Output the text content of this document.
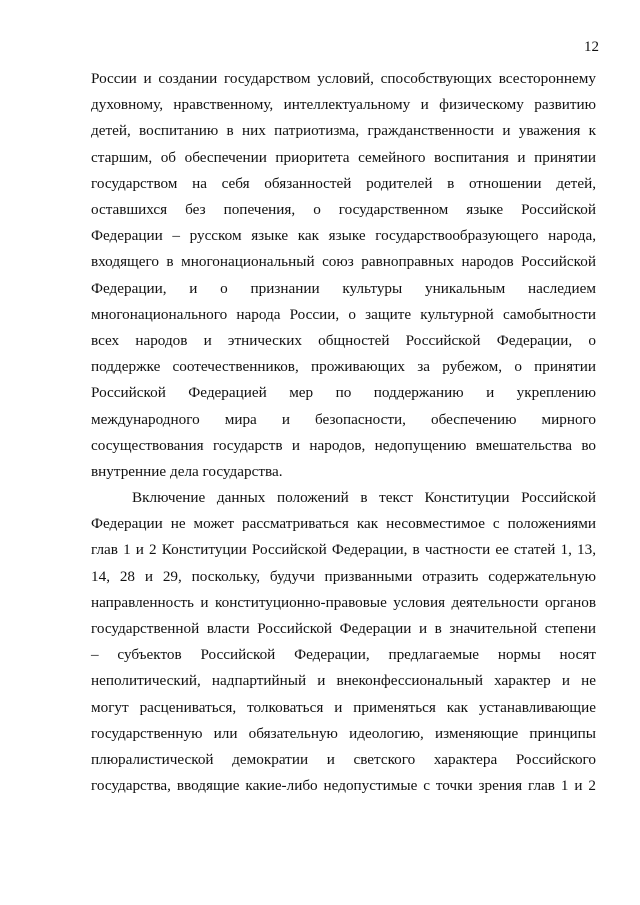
12
России и создании государством условий, способствующих всестороннему
духовному, нравственному, интеллектуальному и физическому развитию
детей, воспитанию в них патриотизма, гражданственности и уважения к
старшим, об обеспечении приоритета семейного воспитания и принятии
государством на себя обязанностей родителей в отношении детей,
оставшихся без попечения, о государственном языке Российской
Федерации – русском языке как языке государствообразующего народа,
входящего в многонациональный союз равноправных народов Российской
Федерации, и о признании культуры уникальным наследием
многонационального народа России, о защите культурной самобытности
всех народов и этнических общностей Российской Федерации, о
поддержке соотечественников, проживающих за рубежом, о принятии
Российской Федерацией мер по поддержанию и укреплению
международного мира и безопасности, обеспечению мирного
сосуществования государств и народов, недопущению вмешательства во
внутренние дела государства.
Включение данных положений в текст Конституции Российской
Федерации не может рассматриваться как несовместимое с положениями
глав 1 и 2 Конституции Российской Федерации, в частности ее статей 1, 13,
14, 28 и 29, поскольку, будучи призванными отразить содержательную
направленность и конституционно-правовые условия деятельности органов
государственной власти Российской Федерации и в значительной степени
– субъектов Российской Федерации, предлагаемые нормы носят
неполитический, надпартийный и внеконфессиональный характер и не
могут расцениваться, толковаться и применяться как устанавливающие
государственную или обязательную идеологию, изменяющие принципы
плюралистической демократии и светского характера Российского
государства, вводящие какие-либо недопустимые с точки зрения глав 1 и 2
